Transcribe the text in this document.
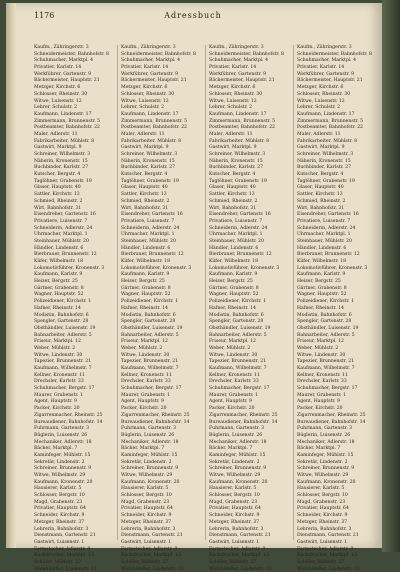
1176	Adressbuch
Kaufm., Zähringerstr. 3
Schneidermeister, Bahnhofstr. 8
Schuhmacher, Marktpl. 4
Privatier, Karlstr. 14
Werkführer, Gartenstr. 9
Bäckermeister, Hauptstr. 21
Metzger, Kirchstr. 6
Schlosser, Rheinstr. 30
Witwe, Luisenstr. 12
Lehrer, Schulstr. 2
Kaufmann, Lindenstr. 17
Zimmermann, Brunnenstr. 5
Postbeamter, Bahnhofstr. 22
Maler, Adlerstr. 11
Fabrikarbeiter, Mühlstr. 8
Gastwirt, Marktpl. 9
Schreiner, Wilhelmstr. 3
Näherin, Kronenstr. 15
Buchbinder, Karlstr. 27
Kutscher, Bergstr. 4
Taglöhner, Grabenstr. 19
Glaser, Hauptstr. 40
Sattler, Kirchstr. 13
Schmied, Rheinstr. 2
Wirt, Bahnhofstr. 31
Eisendreher, Gartenstr. 16
Privatiere, Luisenstr. 7
Schneiderin, Adlerstr. 24
Uhrmacher, Marktpl. 1
Steinhauer, Mühlstr. 20
Händler, Lindenstr. 6
Bierbrauer, Brunnenstr. 12
Küfer, Wilhelmstr. 18
Lokomotivführer, Kronenstr. 3
Kaufmann, Karlstr. 9
Heizer, Bergstr. 25
Gärtner, Grabenstr. 8
Wagner, Hauptstr. 52
Polizeidiener, Kirchstr. 1
Hafner, Rheinstr. 14
Modistin, Bahnhofstr. 6
Spengler, Gartenstr. 28
Obsthändler, Luisenstr. 19
Bahnarbeiter, Adlerstr. 5
Friseur, Marktpl. 12
Weber, Mühlstr. 2
Witwe, Lindenstr. 30
Tapezier, Brunnenstr. 21
Kaufmann, Wilhelmstr. 7
Kellner, Kronenstr. 11
Drechsler, Karlstr. 33
Schuhmacher, Bergstr. 17
Maurer, Grabenstr. 1
Agent, Hauptstr. 9
Packer, Kirchstr. 20
Zigarrenmacher, Rheinstr. 25
Bureaudiener, Bahnhofstr. 14
Fuhrmann, Gartenstr. 3
Büglerin, Luisenstr. 26
Mechaniker, Adlerstr. 18
Bäcker, Marktpl. 7
Kaminfeger, Mühlstr. 15
Sekretär, Lindenstr. 2
Schreiner, Brunnenstr. 9
Witwe, Wilhelmstr. 29
Kaufmann, Kronenstr. 20
Hausierer, Karlstr. 5
Schlosser, Bergstr. 10
Magd, Grabenstr. 23
Privatier, Hauptstr. 64
Schneider, Kirchstr. 9
Metzger, Rheinstr. 37
Lehrerin, Bahnhofstr. 3
Dienstmann, Gartenstr. 21
Gastwirt, Luisenstr. 1
Formstecher, Adlerstr. 9
Buchdrucker, Marktpl. 15
Schäfer, Mühlstr. 27
Weinhändler, Lindenstr. 13
Kaufm., Zähringerstr. 3
Schneidermeister, Bahnhofstr. 8
Schuhmacher, Marktpl. 4
Privatier, Karlstr. 14
Werkführer, Gartenstr. 9
Bäckermeister, Hauptstr. 21
Metzger, Kirchstr. 6
Schlosser, Rheinstr. 30
Witwe, Luisenstr. 12
Lehrer, Schulstr. 2
Kaufmann, Lindenstr. 17
Zimmermann, Brunnenstr. 5
Postbeamter, Bahnhofstr. 22
Maler, Adlerstr. 11
Fabrikarbeiter, Mühlstr. 8
Gastwirt, Marktpl. 9
Schreiner, Wilhelmstr. 3
Näherin, Kronenstr. 15
Buchbinder, Karlstr. 27
Kutscher, Bergstr. 4
Taglöhner, Grabenstr. 19
Glaser, Hauptstr. 40
Sattler, Kirchstr. 13
Schmied, Rheinstr. 2
Wirt, Bahnhofstr. 31
Eisendreher, Gartenstr. 16
Privatiere, Luisenstr. 7
Schneiderin, Adlerstr. 24
Uhrmacher, Marktpl. 1
Steinhauer, Mühlstr. 20
Händler, Lindenstr. 6
Bierbrauer, Brunnenstr. 12
Küfer, Wilhelmstr. 18
Lokomotivführer, Kronenstr. 3
Kaufmann, Karlstr. 9
Heizer, Bergstr. 25
Gärtner, Grabenstr. 8
Wagner, Hauptstr. 52
Polizeidiener, Kirchstr. 1
Hafner, Rheinstr. 14
Modistin, Bahnhofstr. 6
Spengler, Gartenstr. 28
Obsthändler, Luisenstr. 19
Bahnarbeiter, Adlerstr. 5
Friseur, Marktpl. 12
Weber, Mühlstr. 2
Witwe, Lindenstr. 30
Tapezier, Brunnenstr. 21
Kaufmann, Wilhelmstr. 7
Kellner, Kronenstr. 11
Drechsler, Karlstr. 33
Schuhmacher, Bergstr. 17
Maurer, Grabenstr. 1
Agent, Hauptstr. 9
Packer, Kirchstr. 20
Zigarrenmacher, Rheinstr. 25
Bureaudiener, Bahnhofstr. 14
Fuhrmann, Gartenstr. 3
Büglerin, Luisenstr. 26
Mechaniker, Adlerstr. 18
Bäcker, Marktpl. 7
Kaminfeger, Mühlstr. 15
Sekretär, Lindenstr. 2
Schreiner, Brunnenstr. 9
Witwe, Wilhelmstr. 29
Kaufmann, Kronenstr. 20
Hausierer, Karlstr. 5
Schlosser, Bergstr. 10
Magd, Grabenstr. 23
Privatier, Hauptstr. 64
Schneider, Kirchstr. 9
Metzger, Rheinstr. 37
Lehrerin, Bahnhofstr. 3
Dienstmann, Gartenstr. 21
Gastwirt, Luisenstr. 1
Formstecher, Adlerstr. 9
Buchdrucker, Marktpl. 15
Schäfer, Mühlstr. 27
Weinhändler, Lindenstr. 13
Kaufm., Zähringerstr. 3
Schneidermeister, Bahnhofstr. 8
Schuhmacher, Marktpl. 4
Privatier, Karlstr. 14
Werkführer, Gartenstr. 9
Bäckermeister, Hauptstr. 21
Metzger, Kirchstr. 6
Schlosser, Rheinstr. 30
Witwe, Luisenstr. 12
Lehrer, Schulstr. 2
Kaufmann, Lindenstr. 17
Zimmermann, Brunnenstr. 5
Postbeamter, Bahnhofstr. 22
Maler, Adlerstr. 11
Fabrikarbeiter, Mühlstr. 8
Gastwirt, Marktpl. 9
Schreiner, Wilhelmstr. 3
Näherin, Kronenstr. 15
Buchbinder, Karlstr. 27
Kutscher, Bergstr. 4
Taglöhner, Grabenstr. 19
Glaser, Hauptstr. 40
Sattler, Kirchstr. 13
Schmied, Rheinstr. 2
Wirt, Bahnhofstr. 31
Eisendreher, Gartenstr. 16
Privatiere, Luisenstr. 7
Schneiderin, Adlerstr. 24
Uhrmacher, Marktpl. 1
Steinhauer, Mühlstr. 20
Händler, Lindenstr. 6
Bierbrauer, Brunnenstr. 12
Küfer, Wilhelmstr. 18
Lokomotivführer, Kronenstr. 3
Kaufmann, Karlstr. 9
Heizer, Bergstr. 25
Gärtner, Grabenstr. 8
Wagner, Hauptstr. 52
Polizeidiener, Kirchstr. 1
Hafner, Rheinstr. 14
Modistin, Bahnhofstr. 6
Spengler, Gartenstr. 28
Obsthändler, Luisenstr. 19
Bahnarbeiter, Adlerstr. 5
Friseur, Marktpl. 12
Weber, Mühlstr. 2
Witwe, Lindenstr. 30
Tapezier, Brunnenstr. 21
Kaufmann, Wilhelmstr. 7
Kellner, Kronenstr. 11
Drechsler, Karlstr. 33
Schuhmacher, Bergstr. 17
Maurer, Grabenstr. 1
Agent, Hauptstr. 9
Packer, Kirchstr. 20
Zigarrenmacher, Rheinstr. 25
Bureaudiener, Bahnhofstr. 14
Fuhrmann, Gartenstr. 3
Büglerin, Luisenstr. 26
Mechaniker, Adlerstr. 18
Bäcker, Marktpl. 7
Kaminfeger, Mühlstr. 15
Sekretär, Lindenstr. 2
Schreiner, Brunnenstr. 9
Witwe, Wilhelmstr. 29
Kaufmann, Kronenstr. 20
Hausierer, Karlstr. 5
Schlosser, Bergstr. 10
Magd, Grabenstr. 23
Privatier, Hauptstr. 64
Schneider, Kirchstr. 9
Metzger, Rheinstr. 37
Lehrerin, Bahnhofstr. 3
Dienstmann, Gartenstr. 21
Gastwirt, Luisenstr. 1
Formstecher, Adlerstr. 9
Buchdrucker, Marktpl. 15
Schäfer, Mühlstr. 27
Weinhändler, Lindenstr. 13
Kaufm., Zähringerstr. 3
Schneidermeister, Bahnhofstr. 8
Schuhmacher, Marktpl. 4
Privatier, Karlstr. 14
Werkführer, Gartenstr. 9
Bäckermeister, Hauptstr. 21
Metzger, Kirchstr. 6
Schlosser, Rheinstr. 30
Witwe, Luisenstr. 12
Lehrer, Schulstr. 2
Kaufmann, Lindenstr. 17
Zimmermann, Brunnenstr. 5
Postbeamter, Bahnhofstr. 22
Maler, Adlerstr. 11
Fabrikarbeiter, Mühlstr. 8
Gastwirt, Marktpl. 9
Schreiner, Wilhelmstr. 3
Näherin, Kronenstr. 15
Buchbinder, Karlstr. 27
Kutscher, Bergstr. 4
Taglöhner, Grabenstr. 19
Glaser, Hauptstr. 40
Sattler, Kirchstr. 13
Schmied, Rheinstr. 2
Wirt, Bahnhofstr. 31
Eisendreher, Gartenstr. 16
Privatiere, Luisenstr. 7
Schneiderin, Adlerstr. 24
Uhrmacher, Marktpl. 1
Steinhauer, Mühlstr. 20
Händler, Lindenstr. 6
Bierbrauer, Brunnenstr. 12
Küfer, Wilhelmstr. 18
Lokomotivführer, Kronenstr. 3
Kaufmann, Karlstr. 9
Heizer, Bergstr. 25
Gärtner, Grabenstr. 8
Wagner, Hauptstr. 52
Polizeidiener, Kirchstr. 1
Hafner, Rheinstr. 14
Modistin, Bahnhofstr. 6
Spengler, Gartenstr. 28
Obsthändler, Luisenstr. 19
Bahnarbeiter, Adlerstr. 5
Friseur, Marktpl. 12
Weber, Mühlstr. 2
Witwe, Lindenstr. 30
Tapezier, Brunnenstr. 21
Kaufmann, Wilhelmstr. 7
Kellner, Kronenstr. 11
Drechsler, Karlstr. 33
Schuhmacher, Bergstr. 17
Maurer, Grabenstr. 1
Agent, Hauptstr. 9
Packer, Kirchstr. 20
Zigarrenmacher, Rheinstr. 25
Bureaudiener, Bahnhofstr. 14
Fuhrmann, Gartenstr. 3
Büglerin, Luisenstr. 26
Mechaniker, Adlerstr. 18
Bäcker, Marktpl. 7
Kaminfeger, Mühlstr. 15
Sekretär, Lindenstr. 2
Schreiner, Brunnenstr. 9
Witwe, Wilhelmstr. 29
Kaufmann, Kronenstr. 20
Hausierer, Karlstr. 5
Schlosser, Bergstr. 10
Magd, Grabenstr. 23
Privatier, Hauptstr. 64
Schneider, Kirchstr. 9
Metzger, Rheinstr. 37
Lehrerin, Bahnhofstr. 3
Dienstmann, Gartenstr. 21
Gastwirt, Luisenstr. 1
Formstecher, Adlerstr. 9
Buchdrucker, Marktpl. 15
Schäfer, Mühlstr. 27
Weinhändler, Lindenstr. 13
